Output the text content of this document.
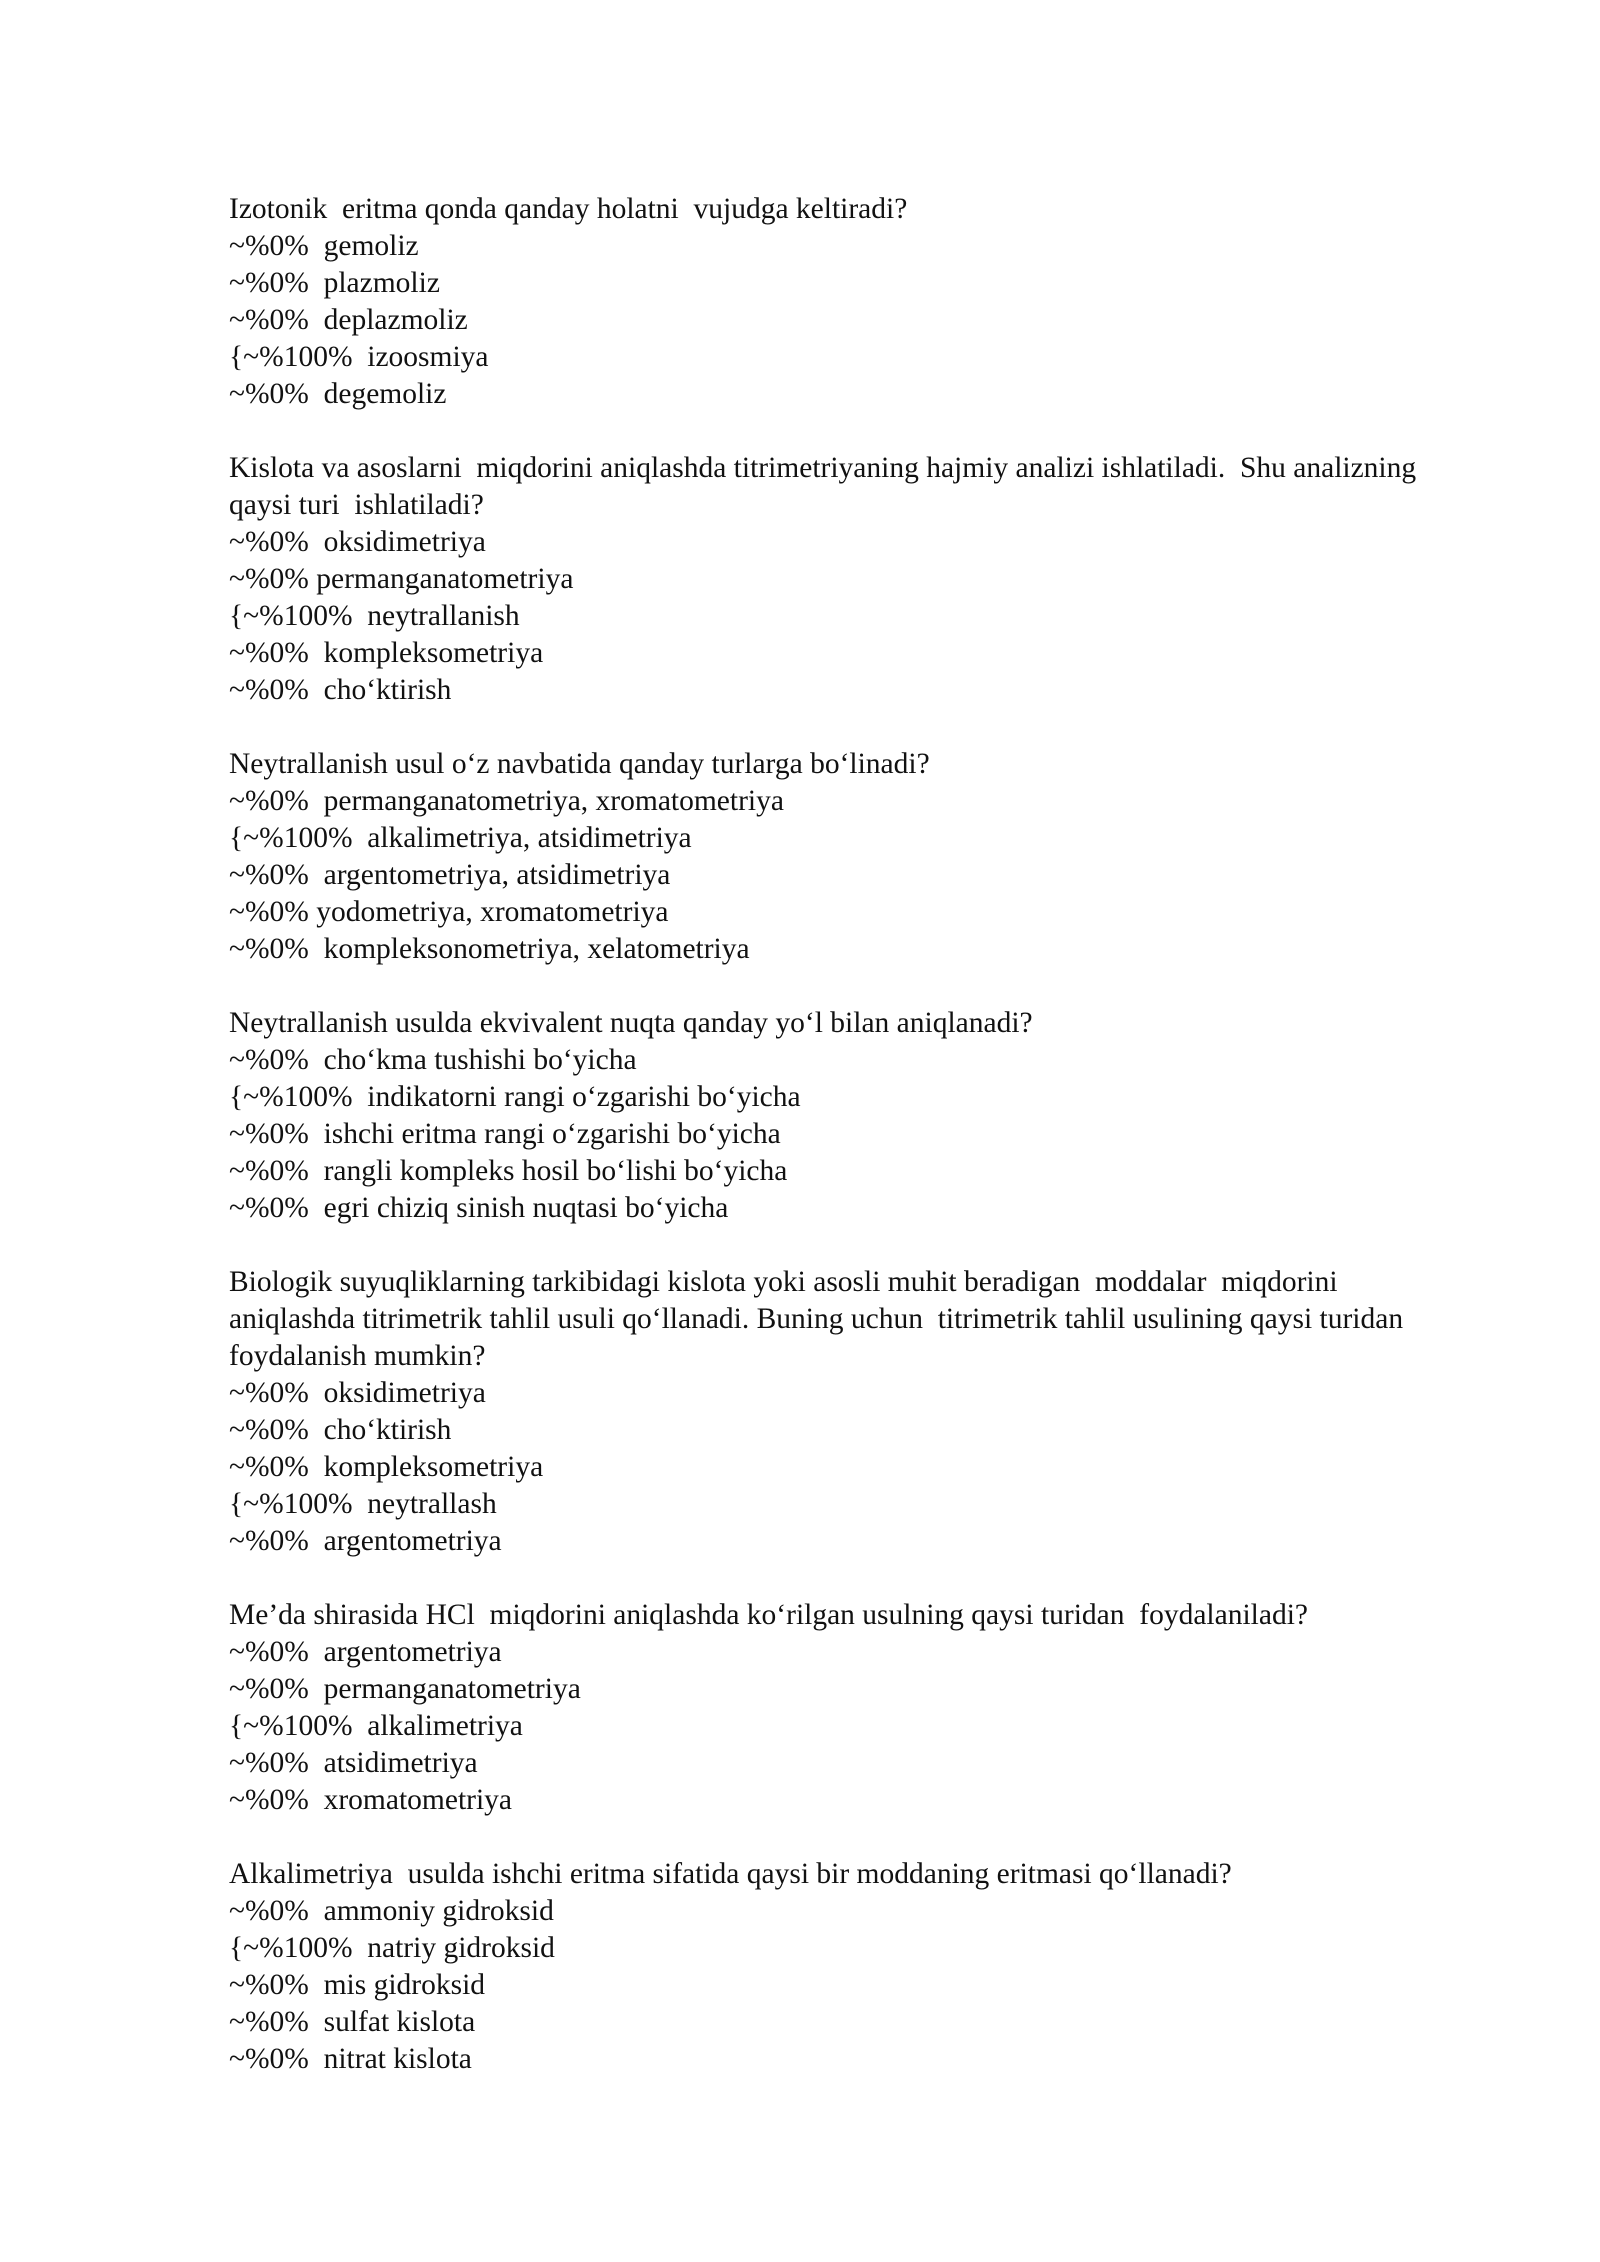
Izotonik  eritma qonda qanday holatni  vujudga keltiradi?

~%0%  gemoliz

~%0%  plazmoliz

~%0%  deplazmoliz

{~%100%  izoosmiya

~%0%  degemoliz

Kislota va asoslarni  miqdorini aniqlashda titrimetriyaning hajmiy analizi ishlatiladi.  Shu analizning qaysi turi  ishlatiladi?

~%0%  oksidimetriya

~%0% permanganatometriya

{~%100%  neytrallanish

~%0%  kompleksometriya

~%0%  cho‘ktirish

Neytrallanish usul o‘z navbatida qanday turlarga bo‘linadi?

~%0%  permanganatometriya, xromatometriya

{~%100%  alkalimetriya, atsidimetriya

~%0%  argentometriya, atsidimetriya

~%0% yodometriya, xromatometriya

~%0%  kompleksonometriya, xelatometriya

Neytrallanish usulda ekvivalent nuqta qanday yo‘l bilan aniqlanadi?

~%0%  cho‘kma tushishi bo‘yicha

{~%100%  indikatorni rangi o‘zgarishi bo‘yicha

~%0%  ishchi eritma rangi o‘zgarishi bo‘yicha

~%0%  rangli kompleks hosil bo‘lishi bo‘yicha

~%0%  egri chiziq sinish nuqtasi bo‘yicha

Biologik suyuqliklarning tarkibidagi kislota yoki asosli muhit beradigan  moddalar  miqdorini aniqlashda titrimetrik tahlil usuli qo‘llanadi. Buning uchun  titrimetrik tahlil usulining qaysi turidan foydalanish mumkin?

~%0%  oksidimetriya

~%0%  cho‘ktirish

~%0%  kompleksometriya

{~%100%  neytrallash

~%0%  argentometriya

Me’da shirasida HCl  miqdorini aniqlashda ko‘rilgan usulning qaysi turidan  foydalaniladi?

~%0%  argentometriya

~%0%  permanganatometriya

{~%100%  alkalimetriya

~%0%  atsidimetriya

~%0%  xromatometriya

Alkalimetriya  usulda ishchi eritma sifatida qaysi bir moddaning eritmasi qo‘llanadi?

~%0%  ammoniy gidroksid

{~%100%  natriy gidroksid

~%0%  mis gidroksid

~%0%  sulfat kislota

~%0%  nitrat kislota
